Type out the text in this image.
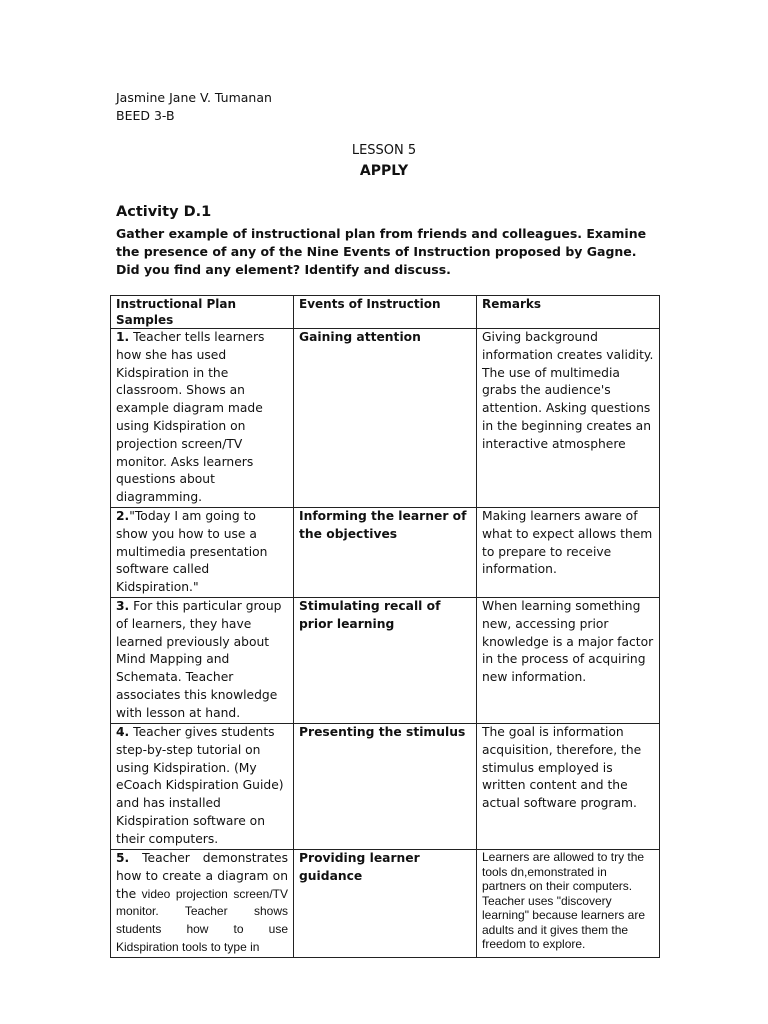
Jasmine Jane V. Tumanan
BEED 3-B
LESSON 5
APPLY
Activity D.1
Gather example of instructional plan from friends and colleagues. Examine the presence of any of the Nine Events of Instruction proposed by Gagne. Did you find any element? Identify and discuss.
Instructional Plan Samples	Events of Instruction	Remarks
1. Teacher tells learners how she has used Kidspiration in the classroom. Shows an example diagram made using Kidspiration on projection screen/TV monitor. Asks learners questions about diagramming.	Gaining attention	Giving background information creates validity. The use of multimedia grabs the audience's attention. Asking questions in the beginning creates an interactive atmosphere
2."Today I am going to show you how to use a multimedia presentation software called Kidspiration."	Informing the learner of the objectives	Making learners aware of what to expect allows them to prepare to receive information.
3. For this particular group of learners, they have learned previously about Mind Mapping and Schemata. Teacher associates this knowledge with lesson at hand.	Stimulating recall of prior learning	When learning something new, accessing prior knowledge is a major factor in the process of acquiring new information.
4. Teacher gives students step-by-step tutorial on using Kidspiration. (My eCoach Kidspiration Guide) and has installed Kidspiration software on their computers.	Presenting the stimulus	The goal is information acquisition, therefore, the stimulus employed is written content and the actual software program.
5. Teacher demonstrates how to create a diagram on the video projection screen/TV monitor. Teacher shows students how to use Kidspiration tools to type in	Providing learner guidance	Learners are allowed to try the tools dn,emonstrated in partners on their computers. Teacher uses "discovery learning" because learners are adults and it gives them the freedom to explore.
